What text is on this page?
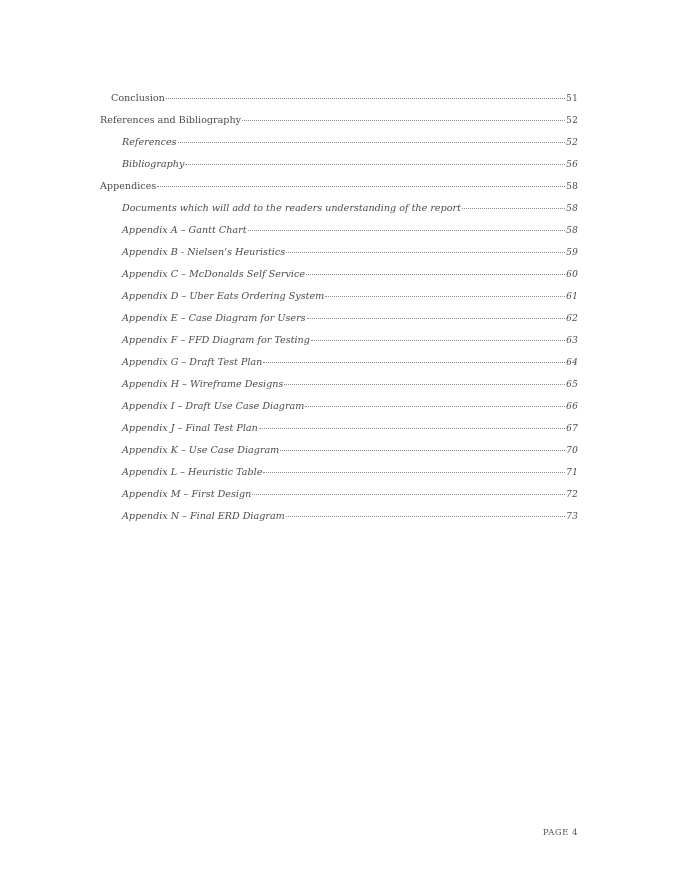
Conclusion	51
References and Bibliography	52
References	52
Bibliography	56
Appendices	58
Documents which will add to the readers understanding of the report	58
Appendix A – Gantt Chart	58
Appendix B - Nielsen’s Heuristics	59
Appendix C – McDonalds Self Service	60
Appendix D – Uber Eats Ordering System	61
Appendix E – Case Diagram for Users	62
Appendix F – FFD Diagram for Testing	63
Appendix G – Draft Test Plan	64
Appendix H – Wireframe Designs	65
Appendix I – Draft Use Case Diagram	66
Appendix J – Final Test Plan	67
Appendix K – Use Case Diagram	70
Appendix L – Heuristic Table	71
Appendix M – First Design	72
Appendix N – Final ERD Diagram	73
PAGE 4
